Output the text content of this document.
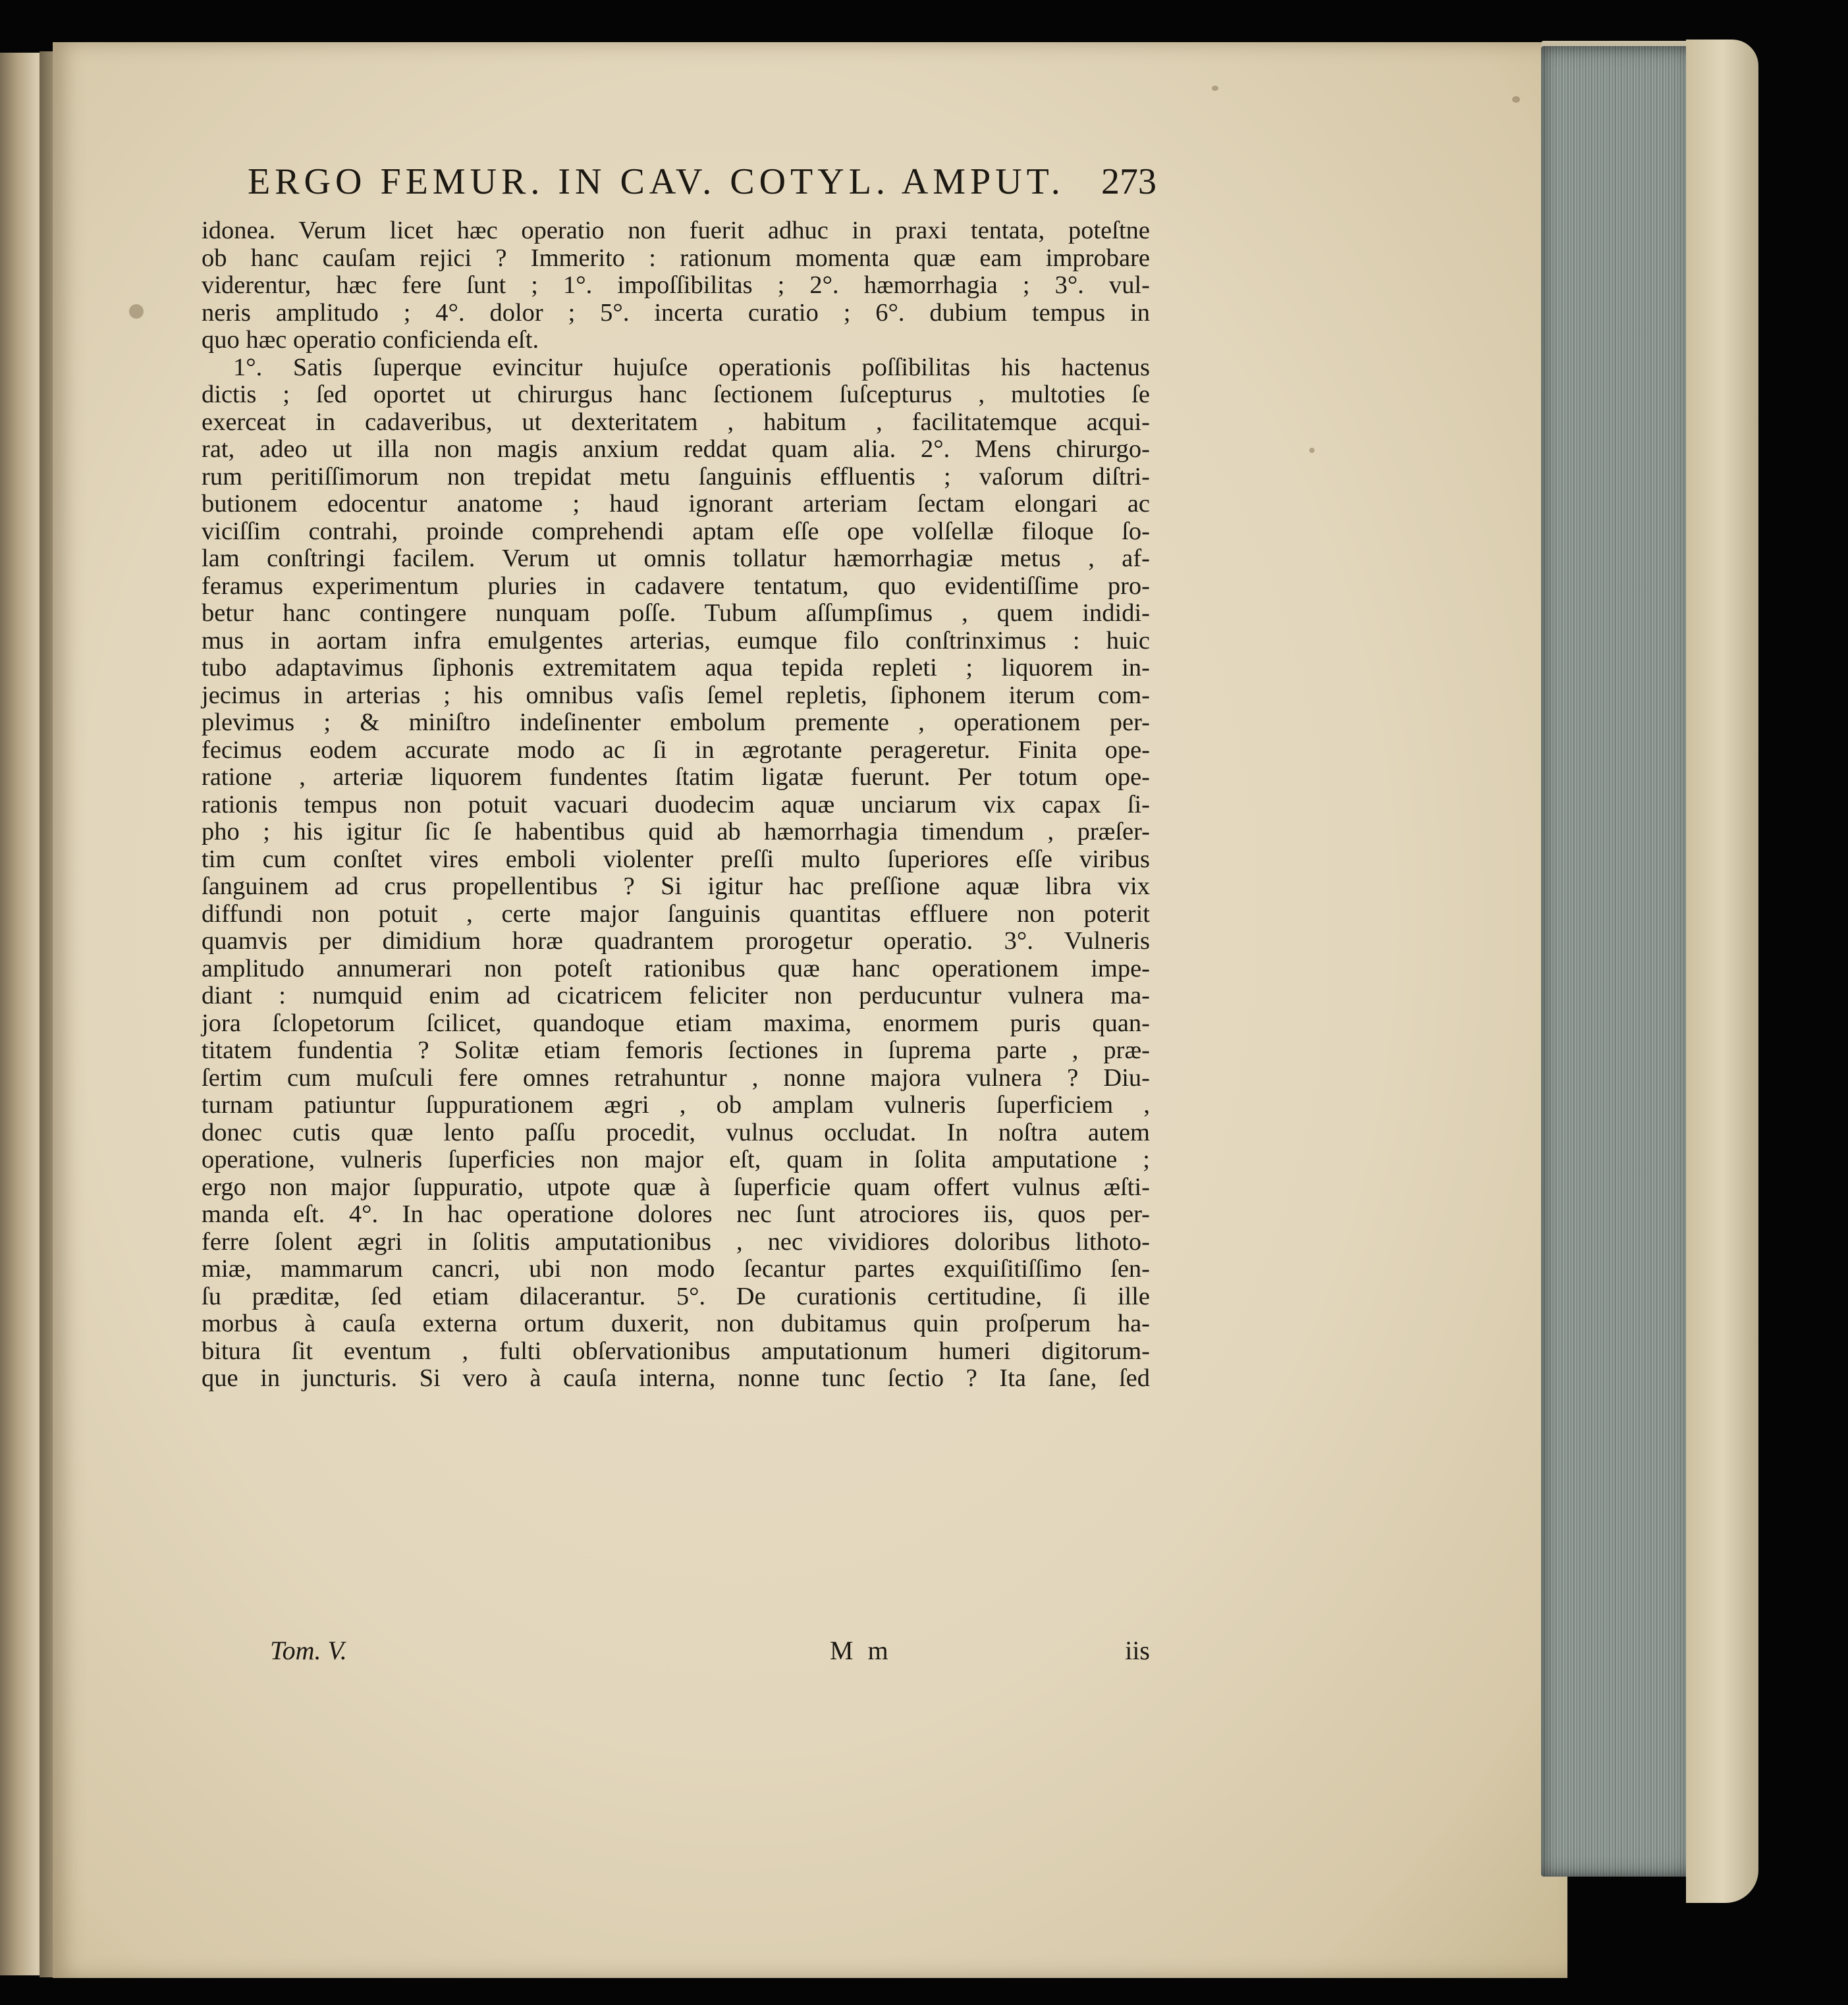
ERGO FEMUR. IN CAV. COTYL. AMPUT. 273
idonea. Verum licet hæc operatio non fuerit adhuc in praxi tentata, poteſtne
ob hanc cauſam rejici ? Immerito : rationum momenta quæ eam improbare
viderentur, hæc fere ſunt ; 1°. impoſſibilitas ; 2°. hæmorrhagia ; 3°. vul-
neris amplitudo ; 4°. dolor ; 5°. incerta curatio ; 6°. dubium tempus in
quo hæc operatio conficienda eſt.
1°. Satis ſuperque evincitur hujuſce operationis poſſibilitas his hactenus
dictis ; ſed oportet ut chirurgus hanc ſectionem ſuſcepturus , multoties ſe
exerceat in cadaveribus, ut dexteritatem , habitum , facilitatemque acqui-
rat, adeo ut illa non magis anxium reddat quam alia. 2°. Mens chirurgo-
rum peritiſſimorum non trepidat metu ſanguinis effluentis ; vaſorum diſtri-
butionem edocentur anatome ; haud ignorant arteriam ſectam elongari ac
viciſſim contrahi, proinde comprehendi aptam eſſe ope volſellæ filoque ſo-
lam conſtringi facilem. Verum ut omnis tollatur hæmorrhagiæ metus , af-
feramus experimentum pluries in cadavere tentatum, quo evidentiſſime pro-
betur hanc contingere nunquam poſſe. Tubum aſſumpſimus , quem indidi-
mus in aortam infra emulgentes arterias, eumque filo conſtrinximus : huic
tubo adaptavimus ſiphonis extremitatem aqua tepida repleti ; liquorem in-
jecimus in arterias ; his omnibus vaſis ſemel repletis, ſiphonem iterum com-
plevimus ; & miniſtro indeſinenter embolum premente , operationem per-
fecimus eodem accurate modo ac ſi in ægrotante perageretur. Finita ope-
ratione , arteriæ liquorem fundentes ſtatim ligatæ fuerunt. Per totum ope-
rationis tempus non potuit vacuari duodecim aquæ unciarum vix capax ſi-
pho ; his igitur ſic ſe habentibus quid ab hæmorrhagia timendum , præſer-
tim cum conſtet vires emboli violenter preſſi multo ſuperiores eſſe viribus
ſanguinem ad crus propellentibus ? Si igitur hac preſſione aquæ libra vix
diffundi non potuit , certe major ſanguinis quantitas effluere non poterit
quamvis per dimidium horæ quadrantem prorogetur operatio. 3°. Vulneris
amplitudo annumerari non poteſt rationibus quæ hanc operationem impe-
diant : numquid enim ad cicatricem feliciter non perducuntur vulnera ma-
jora ſclopetorum ſcilicet, quandoque etiam maxima, enormem puris quan-
titatem fundentia ? Solitæ etiam femoris ſectiones in ſuprema parte , præ-
ſertim cum muſculi fere omnes retrahuntur , nonne majora vulnera ? Diu-
turnam patiuntur ſuppurationem ægri , ob amplam vulneris ſuperficiem ,
donec cutis quæ lento paſſu procedit, vulnus occludat. In noſtra autem
operatione, vulneris ſuperficies non major eſt, quam in ſolita amputatione ;
ergo non major ſuppuratio, utpote quæ à ſuperficie quam offert vulnus æſti-
manda eſt. 4°. In hac operatione dolores nec ſunt atrociores iis, quos per-
ferre ſolent ægri in ſolitis amputationibus , nec vividiores doloribus lithoto-
miæ, mammarum cancri, ubi non modo ſecantur partes exquiſitiſſimo ſen-
ſu præditæ, ſed etiam dilacerantur. 5°. De curationis certitudine, ſi ille
morbus à cauſa externa ortum duxerit, non dubitamus quin proſperum ha-
bitura ſit eventum , fulti obſervationibus amputationum humeri digitorum-
que in juncturis. Si vero à cauſa interna, nonne tunc ſectio ? Ita ſane, ſed
Tom. V.	M m	iis
